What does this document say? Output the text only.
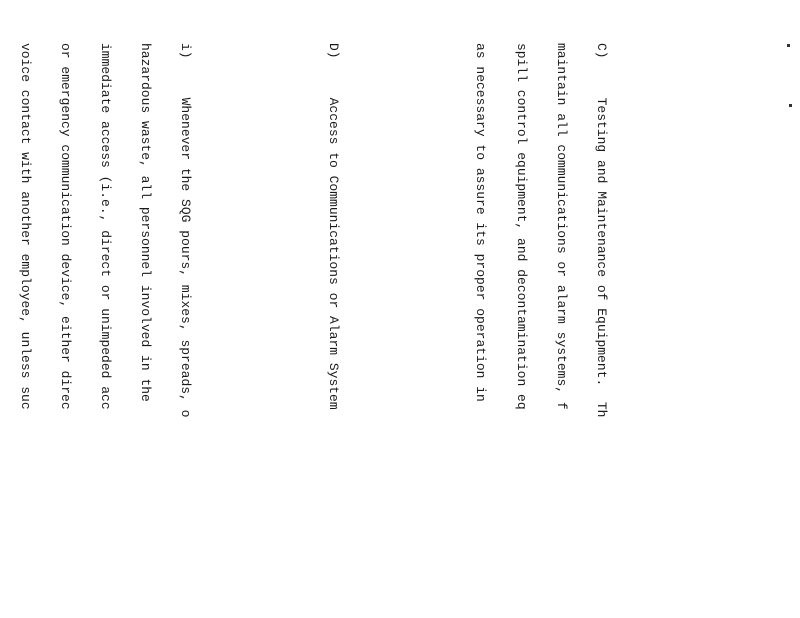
C)     Testing and Maintenance of Equipment.  Th

maintain all communications or alarm systems, f

spill control equipment, and decontamination eq

as necessary to assure its proper operation in

D)     Access to Communications or Alarm System

i)     Whenever the SQG pours, mixes, spreads, o

hazardous waste, all personnel involved in the

immediate access (i.e., direct or unimpeded acc

or emergency communication device, either direc

voice contact with another employee, unless suc
